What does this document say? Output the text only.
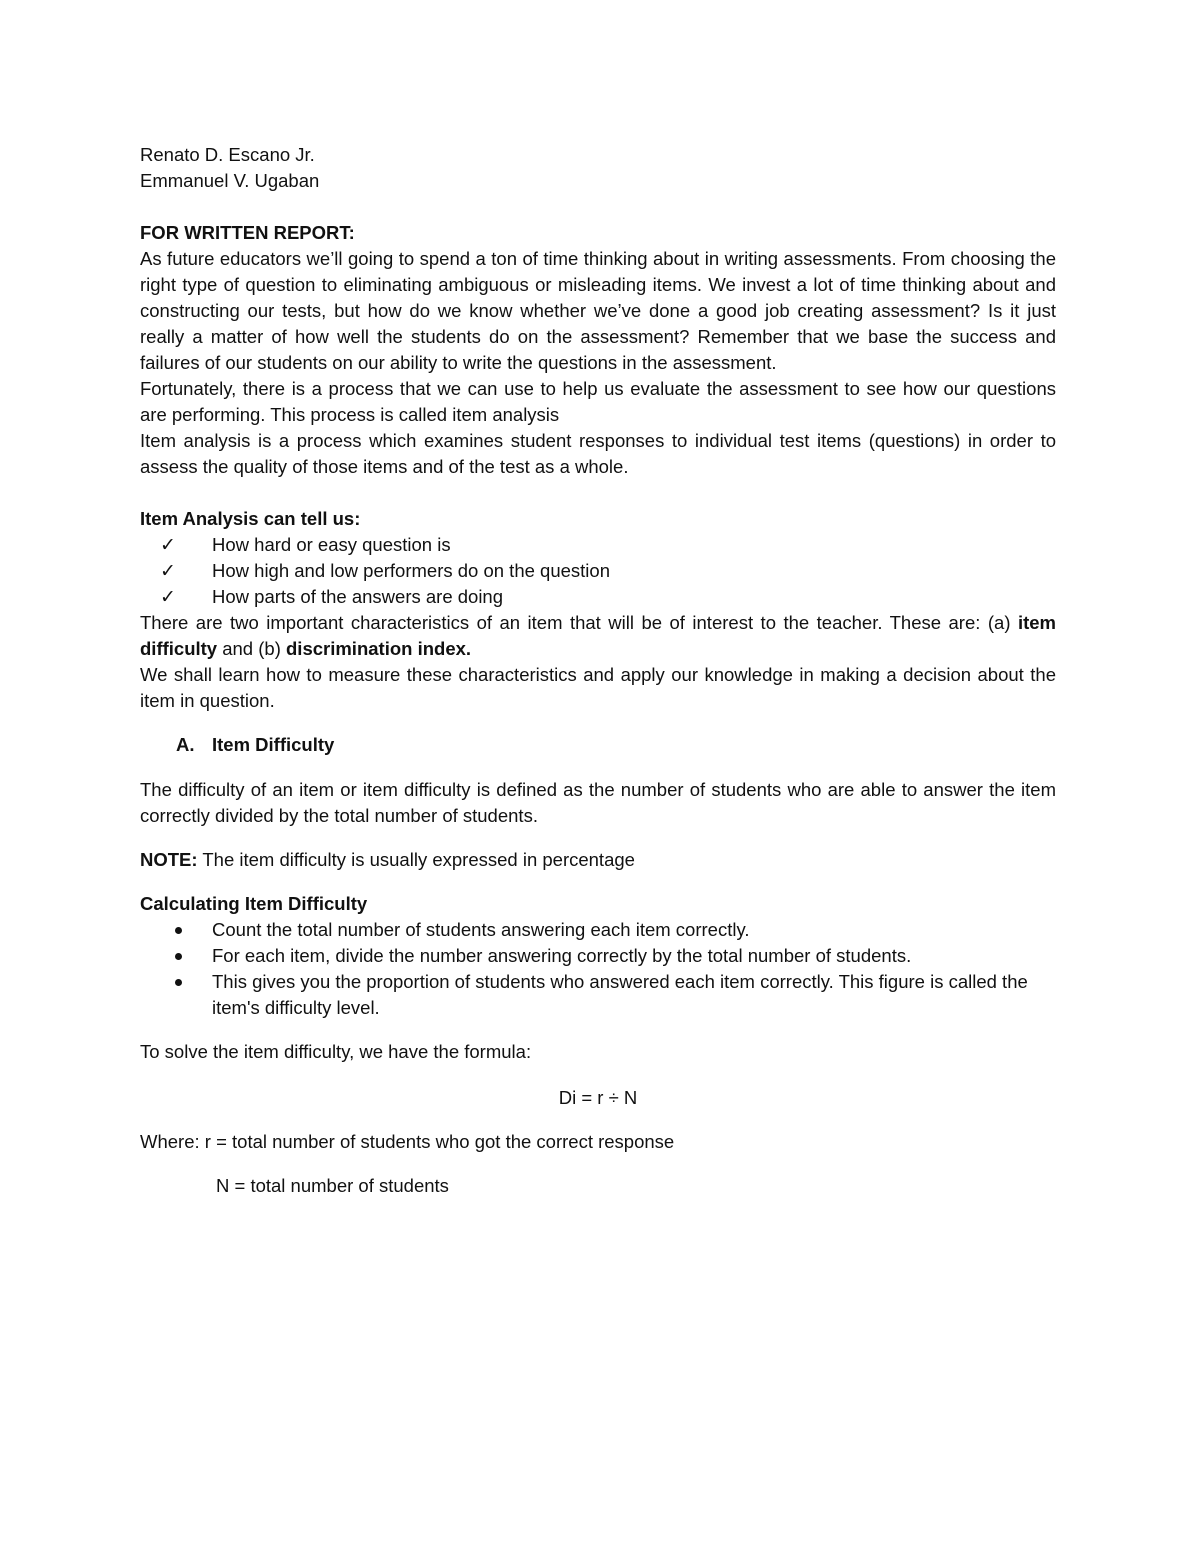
Renato D. Escano Jr.

Emmanuel V. Ugaban

FOR WRITTEN REPORT:

As future educators we’ll going to spend a ton of time thinking about in writing assessments. From choosing the right type of question to eliminating ambiguous or misleading items. We invest a lot of time thinking about and constructing our tests, but how do we know whether we’ve done a good job creating assessment? Is it just really a matter of how well the students do on the assessment? Remember that we base the success and failures of our students on our ability to write the questions in the assessment.

Fortunately, there is a process that we can use to help us evaluate the assessment to see how our questions are performing. This process is called item analysis

Item analysis is a process which examines student responses to individual test items (questions) in order to assess the quality of those items and of the test as a whole.

Item Analysis can tell us:

✓ How hard or easy question is
✓ How high and low performers do on the question
✓ How parts of the answers are doing

There are two important characteristics of an item that will be of interest to the teacher. These are: (a) item difficulty and (b) discrimination index.

We shall learn how to measure these characteristics and apply our knowledge in making a decision about the item in question.

A. Item Difficulty

The difficulty of an item or item difficulty is defined as the number of students who are able to answer the item correctly divided by the total number of students.

NOTE: The item difficulty is usually expressed in percentage

Calculating Item Difficulty

Count the total number of students answering each item correctly.
For each item, divide the number answering correctly by the total number of students.
This gives you the proportion of students who answered each item correctly. This figure is called the item's difficulty level.

To solve the item difficulty, we have the formula:

Di = r ÷ N

Where: r = total number of students who got the correct response

N = total number of students
